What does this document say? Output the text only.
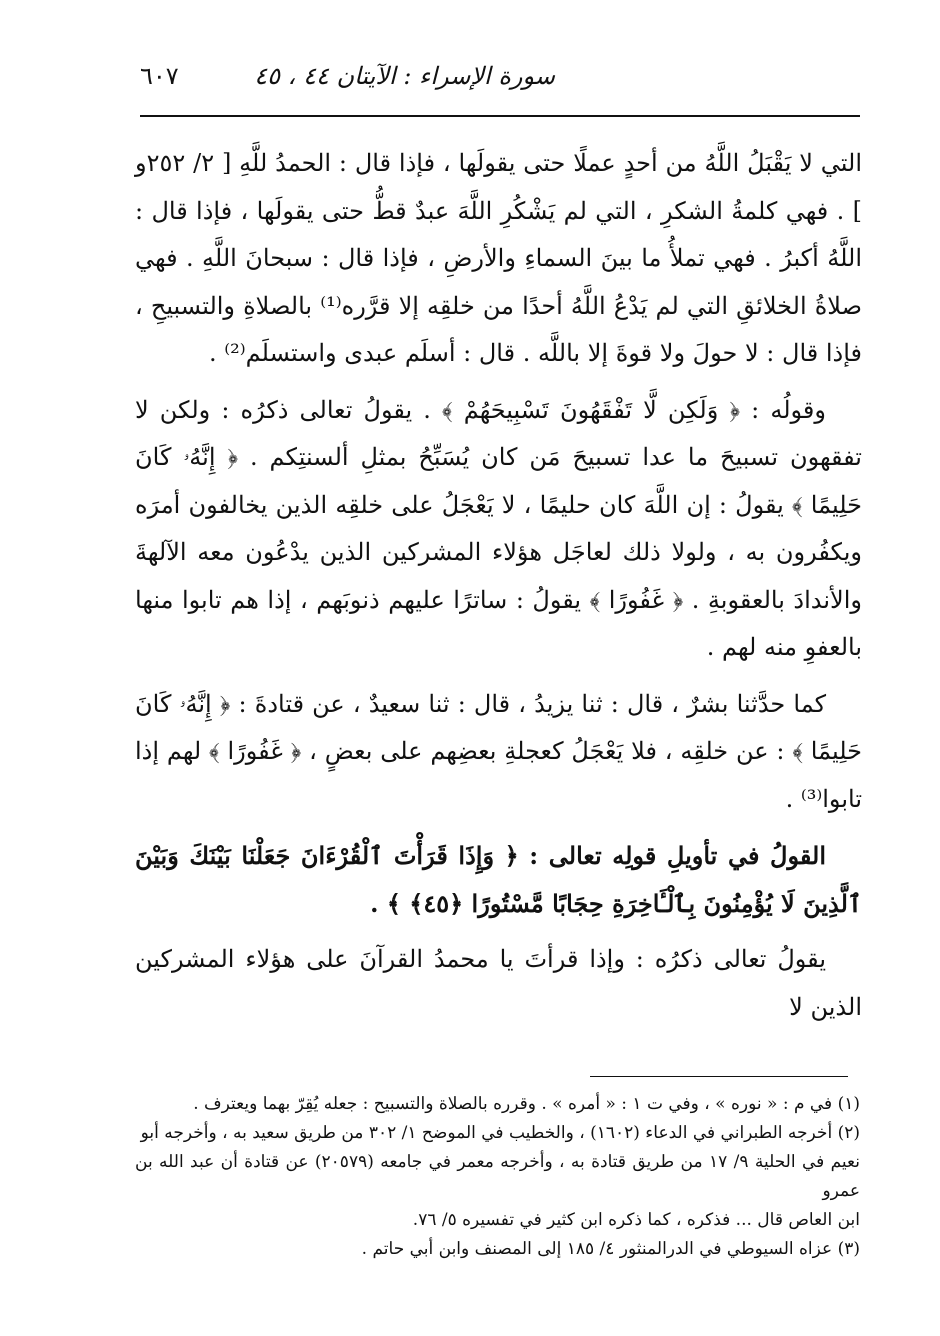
سورة الإسراء : الآيتان ٤٤ ، ٤٥
٦٠٧

التي لا يَقْبَلُ اللَّهُ من أحدٍ عملًا حتى يقولَها ، فإذا قال : الحمدُ للَّهِ [ ٢/ ٢٥٢و ] . فهي كلمةُ الشكرِ ، التي لم يَشْكُرِ اللَّهَ عبدٌ قطُّ حتى يقولَها ، فإذا قال : اللَّهُ أكبرُ . فهي تملأُ ما بينَ السماءِ والأرضِ ، فإذا قال : سبحانَ اللَّهِ . فهي صلاةُ الخلائقِ التي لم يَدْعُ اللَّهُ أحدًا من خلقِه إلا قرَّره⁽¹⁾ بالصلاةِ والتسبيحِ ، فإذا قال : لا حولَ ولا قوةَ إلا باللَّه . قال : أسلَم عبدى واستسلَم⁽²⁾ .

وقولُه : ﴿ وَلَكِن لَّا تَفْقَهُونَ تَسْبِيحَهُمْ ﴾ . يقولُ تعالى ذكرُه : ولكن لا تفقهون تسبيحَ ما عدا تسبيحَ مَن كان يُسَبِّحُ بمثلِ ألسنتِكم . ﴿ إِنَّهُۥ كَانَ حَلِيمًا ﴾ يقولُ : إن اللَّهَ كان حليمًا ، لا يَعْجَلُ على خلقِه الذين يخالفون أمرَه ويكفُرون به ، ولولا ذلك لعاجَل هؤلاء المشركين الذين يدْعُون معه الآلهةَ والأندادَ بالعقوبةِ . ﴿ غَفُورًا ﴾ يقولُ : ساترًا عليهم ذنوبَهم ، إذا هم تابوا منها بالعفوِ منه لهم .

كما حدَّثنا بشرٌ ، قال : ثنا يزيدُ ، قال : ثنا سعيدٌ ، عن قتادةَ : ﴿ إِنَّهُۥ كَانَ حَلِيمًا ﴾ : عن خلقِه ، فلا يَعْجَلُ كعجلةِ بعضِهم على بعضٍ ، ﴿ غَفُورًا ﴾ لهم إذا تابوا⁽³⁾ .

القولُ في تأويلِ قولِه تعالى : ﴿ وَإِذَا قَرَأْتَ ٱلْقُرْءَانَ جَعَلْنَا بَيْنَكَ وَبَيْنَ ٱلَّذِينَ لَا يُؤْمِنُونَ بِٱلْـَٔاخِرَةِ حِجَابًا مَّسْتُورًا ﴿٤٥﴾ ﴾ .

يقولُ تعالى ذكرُه : وإذا قرأتَ يا محمدُ القرآنَ على هؤلاء المشركين الذين لا

(١) في م : « نوره » ، وفي ت ١ : « أمره » . وقرره بالصلاة والتسبيح : جعله يُقِرّ بهما ويعترف .

(٢) أخرجه الطبراني في الدعاء (١٦٠٢) ، والخطيب في الموضح ١/ ٣٠٢ من طريق سعيد به ، وأخرجه أبو

نعيم في الحلية ٩/ ١٧ من طريق قتادة به ، وأخرجه معمر في جامعه (٢٠٥٧٩) عن قتادة أن عبد الله بن عمرو

ابن العاص قال ... فذكره ، كما ذكره ابن كثير في تفسيره ٥/ ٧٦.

(٣) عزاه السيوطي في الدرالمنثور ٤/ ١٨٥ إلى المصنف وابن أبي حاتم .
